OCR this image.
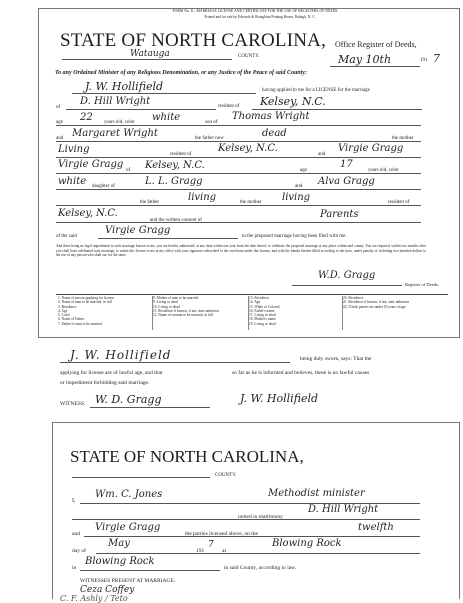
FORM No. 8—MARRIAGE LICENSE AND CERTIFICATE FOR THE USE OF REGISTERS OF DEEDS
Printed and for sale by Edwards & Broughton Printing House, Raleigh, N. C.
STATE OF NORTH CAROLINA,
Watauga	COUNTY.
Office Register of Deeds,
May 10th	191 7
To any Ordained Minister of any Religious Denomination, or any Justice of the Peace of said County:
J. W. Hollifield	having applied to me for a LICENSE for the marriage
of
D. Hill Wright	resident of Kelsey, N.C.
age 22 years old, color white	son of
Thomas Wright
and Margaret Wright	the father now	dead	the mother
Living	resident of
Kelsey, N.C.
and
Virgie Gragg
Virgie Gragg
of Kelsey, N.C.	age
17
years old, color
white daughter of	L. L. Gragg	and Alva Gragg
the father	living	the mother living	resident of
Kelsey, N.C.
and the written consent of
Parents
of the said
Virgie Gragg
to the proposed marriage having been filed with me.
And there being no legal impediment to such marriage known to me, you are hereby authorized, at any time within one year from the date hereof, to celebrate the proposed marriage at any place within said county. You are required, within two months after you shall have celebrated such marriage, to return this license to me at my office with your signature subscribed to the certificate under this license, and with the blanks therein filled according to the facts, under penalty of forfeiting two hundred dollars to the use of any person who shall sue for the same.
W.D. Gragg
Register of Deeds.
1. Name of person applying for license
2. Name of man to be married, in full
3. Residence
4. Age
5. Color
6. Name of Father
7. Father of man to be married
8. Mother of man to be married
9. Living or dead
10. Living or dead
11. Residence if known, if not, state unknown
12. Name of woman to be married, in full
13. Residence
14. Age
15. White or Colored
16. Father's name
17. Living or dead
18. Mother's name
19. Living or dead
20. Residence
21. Residence if known, if not, state unknown
22. If both parties are under 18 years of age
J. W. Hollifield	being duly sworn, says: That the
applying for license are of lawful age, and that	so far as he is informed and believes, these is no lawful causes
or impediment forbidding said marriage.
WITNESS: W. D. Gragg	J. W. Hollifield
STATE OF NORTH CAROLINA,
COUNTY.
I,
Wm. C. Jones	Methodist minister
united in matrimony
D. Hill Wright
and
Virgie Gragg
the parties licensed above, on the
twelfth
day of
May
191
7
at
Blowing Rock
in
Blowing Rock
in said County, according to law.
WITNESSES PRESENT AT MARRIAGE:
Ceza Coffey
C. F. Ashly / Teto
